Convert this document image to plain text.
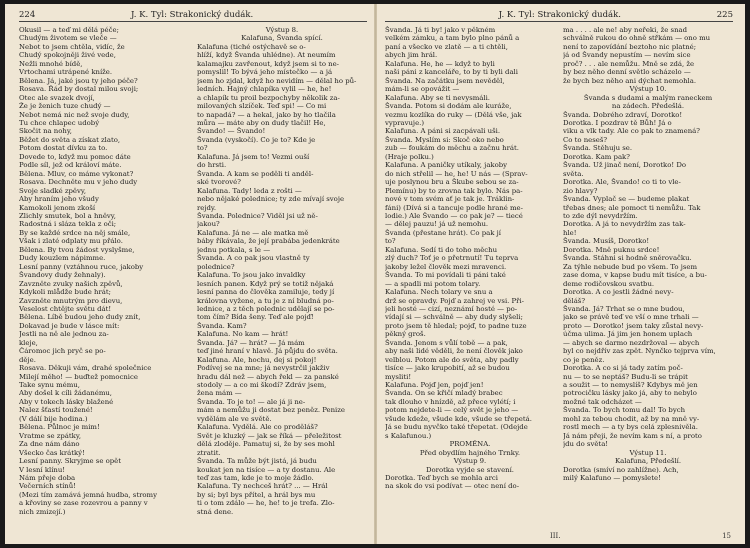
224	J. K. Tyl: Strakonický dudák.
Okusil — a teď mi dělá péče;
Chudým životem se vleče —
Nebot to jsem chtěla, vidíc, že
Chudý spokojněji živé vede,
Nežli mnohé bídě,
Vrtochami utrápené kníže.
Bělena. Já, jaké jsou ty jeho péče?
Rosava. Řád by dostal milou svoji;
Otec ale svazek dvojí,
Že je ženich tuze chudý —
Nebot nemá nic než svoje dudy,
Tu chce chlapec udobý
Skočit na nohy,
Běžet do světa a získat zlato,
Potom dostat dívku za to.
Dovede to, když mu pomoc dáte
Podle síl, jež od královí máte.
Bělena. Mluv, co máme vykonat?
Rosava. Dechněte mu v jeho dudy
Svoje sladké zpěvy,
Aby hraním jeho všudy
Kamokoli jenom zkoší
Zlichly smutek, bol a hněvy,
Radostná i sláza tekla z oči;
By se každé srdce na něj smále,
Však i zlaté odplaty mu přálo.
Bělena. By tvou žádost vyslyšme,
Dudy kouzlem nápimme.
Lesní panny (vztáhnou ruce, jakoby
Švandovy dudy žehnaly).
Zavzněte zvuky našich zpěvů,
Kdykoli mlådže bude hrát;
Zavzněte mnutrým pro dievu,
Veselost chtějte světu dát!
Bělena. Líbě budou jeho dudy znít,
Dokavad je bude v lásce mít:
Jestli na ně ale jednou za-
kleje,
Čáromoc jich pryč se po-
děje.
Rosava. Děkuji vám, drahé společnice
Milejí měho! — buďtež pomocnice
Take synu mému,
Aby došel k cíli žádanému,
Aby v tokech lásky blažené
Nalez šťastí toužené!
(V dálí bije hodina.)
Bělena. Půlnoc je mim!
Vratme se zpátky,
Za dne nám dáno
Všecko čas krátký!
Lesní panny. Skryjme se opět
V lesní klínu!
Nám přeje doba
Večerních stínů!
(Mezi tím zamává jemná hudba, stromy
a křoviny se zase rozevrou a panny v
nich zmizejí.)
Výstup 8.
Kalafuna, Švanda spící.
Kalafuna (tiché ostýchavě se o-
hlíží, když Švanda uhlédne). At neumím
kalamajku zavřenout, když jsem si to ne-
pomyslil! To bývá jeho místečko — a já
jsem ho zjdal, když ho nevidím — dělal ho pů-
ledních. Hajný chlapíka vylil — he, he!
a chlapík tu proil bezpochyby několik za-
milovaných slzíček. Teď spi! — Co mi
to napadá? — a hekal, jako by ho tlačila
můra — máte aby on dudy tlačil! He,
Švando! — Švando!
Švanda (vyskočí). Co je to? Kde je
to?
Kalafuna. Já jsem to! Vezmi ouší
do hrsti.
Švanda. A kam se poděli ti anděl-
ské tvorové?
Kalafuna. Tady! leda z rošti —
nebo nějaké polednice; ty zde mívají svoje
rejdy.
Švanda. Polednice? Viděl jsi už ně-
jakou?
Kalafuna. Já ne — ale matka mě
báby říkávala, že její prabába jedenkráte
jednu potkala, s le —
Švanda. A co pak jsou vlastně ty
polednice?
Kalafuna. To jsou jako invaldky
lesních panen. Když prý se totiž nějaká
lesní panna do člověka zamiluje, tedy jí
královna vyžene, a tu je z ní bludná po-
lednice, a z těch polednic udělají se po-
tom čím? Bída šeny. Teď ale pojď!
Švanda. Kam?
Kalafuna. No kam — hrát!
Švanda. Já? — hrát? — Já mám
teď jiné hraní v hlavě. Já půjdu do světa.
Kalafuna. Ale, hochu, dej si pokoj!
Podívej se na mne; já nevystrčil jakživ
hradu dál než — abych řekl — za panské
stodoly — a co mi škodí? Zdráv jsem,
žena mám —
Švanda. To je to! — ale já ji ne-
mám a nemůžu ji dostat bez peněz. Penize
vydělám ale ve světě.
Kalafuna. Vydělá. Ale co proděláš?
Svět je kluzký — jak se říká — přeležitost
dělá zloděje. Pamatuj si, že by ses mohl
ztratit.
Švanda. Ta může být jistá, já budu
koukat jen na tisíce — a ty dostanu. Ale
teď zas tam, kde je to moje žádlo.
Kalafuna. Ty nechceš hrát? ... — Hrál
by si; byl bys přítel, a hrál bys mu
ti o tom zdálo — he, he! to je trefa. Zlo-
stná dene.
J. K. Tyl: Strakonický dudák.	225
Švanda. Já ti by! jako v pěkném
velkém zámku, a tam bylo plno pánů a
paní a všecko ve zlatě — a ti chtěli,
abych jim hrál.
Kalafuna. He, he — když to byli
naši páni z kanceláře, to by ti byli dali
Švanda. Na začátku jsem nevěděl,
mám-li se opovážit —
Kalafuna. Aby se ti nevysmáli.
Švanda. Potom si dodám ale kuráže,
vezmu kozlíka do ruky — (Dělá vše, jak
vypravuje.)
Kalafuna. A páni si zacpávali uši.
Švanda. Myslím si: Skoč oko nebo
zub — foukám do měchu a začnu hrát.
(Hraje polku.)
Kalafuna. A paničky utíkaly, jakoby
do nich střelil — he, he! U nás — (Sprav-
uje poslynou bru a Škube sebou se za-
Plemínu) by to zrovna tak bylo. Nás pa-
nové v tom svém ať je tak je. Tráklin-
fáni) (Dívá si a tancuje podle hrané me-
lodie.) Ale Švando — co pak je? — tiecé
— dělej pauzu! já už nemohu.
Švanda (přestane hrát). Co pak jí
to?
Kalafuna. Sedí ti do toho měchu
zlý duch? Toť je o přetrnutí! Tu teprva
jakoby ležel člověk mezi mravenci.
Švanda. To mi povídali ti páni také
— a spadli mi potom tolary.
Kalafuna. Nech tolary ve snu a
drž se opravdy. Pojď a zahrej ve vsi. Při-
jeli hosté — cizí, neznámí hosté — po-
vídají si — schválně — aby dudy slyšeli;
proto jsem tě hledal; pojď, to padne tuze
pěkný groš.
Švanda. Jenom s vůlí tobě — a pak,
aby naši lidé věděli, že není člověk jako
velblou. Potom ale do světa, aby padly
tisíce — jako krupobití, až se budou
mysliti!
Kalafuna. Pojď jen, pojď jen!
Švanda. On se křičí mladý brabec
tak dlouho v hnízdě, až přece vylétí; i
potom nejdete-li — celý svět je jeho —
všude kdeže, všude kde, všude se třepetá.
Já se budu nyvčko také třepetat. (Odejde
s Kalafunou.)
PROMĚNA.
Před obydlím hajného Trnky.
Výstup 9.
Dorotka vyjde se stavení.
Dorotka. Teď bych se mohla arci
na skok do vsi podívat — otec není do-
ma . . . . ale ne! aby neřeki, že snad
schválně rukou do ohně střkám — ono mu
není to zapovídání beztoho nic platné;
já od Švandy nepustím — nevím sice
proč? . . . ale nemůžu. Mně se zdá, že
by bez něho denní světlo scházelo —
že bych bez něho ani dýchat nemohla.
Výstup 10.
Švanda s dudami a malým raneckem
na zádech. Předešlá.
Švanda. Dobrého zdraví, Dorotko!
Dorotka. I pozdrav tě Bůh! Já o
viku a vlk tady. Ale co pak to znamená?
Co to neseš?
Švanda. Stěhuju se.
Dorotka. Kam pak?
Švanda. Už jinač není, Dorotko! Do
světa.
Dorotka. Ale, Švando! co ti to vle-
zio hlavy?
Švanda. Vyplač se — budeme plakat
třebas dnes; ale pomoct ti nemůžu. Tak
to zde dýl nevydržím.
Dorotka. A já to nevydržím zas tak-
hle!
Švanda. Musíš, Dorotko!
Dorotka. Mně puknu srdce!
Švanda. Stáhni si hodně sněrovačku.
Za týhle nebude bud po všem. To jsem
zase doma, v kapse budu mít tisíce, a bu-
deme rodičovskou svatbu.
Dorotka. A co jestli žádné nevy-
děláš?
Švanda. Já? Trhat se o mne budou,
jako se právě teď ve vší o mne trhali —
proto — Dorotko! jsem taky zůstal nevy-
účma ulima. Já jim jen honem uplach
— abych se darmo nezdržoval — abych
byl co nejdřív zas zpět. Nynčko tejprva vím,
co je peněz.
Dorotka. A co si já tady zatím poč-
nu — to se neptáš? Budu-li se trápit
a soužit — to nemyslíš? Kdybys mě jen
potrocičku lásky jako já, aby to nebylo
možné tak odcházet —
Švanda. To bych tomu dal! To bych
mohl za tebou chodit, až by na mně vy-
rostl mech — a ty bys celá zplesnivěla.
Já nám přeji, že nevím kam s ní, a proto
jdu do světa!
Výstup 11.
Kalafuna, Předešlí.
Dorotka (smíví no zahlížne). Ach,
milý Kalafuno — pomyslete!
III.	15
